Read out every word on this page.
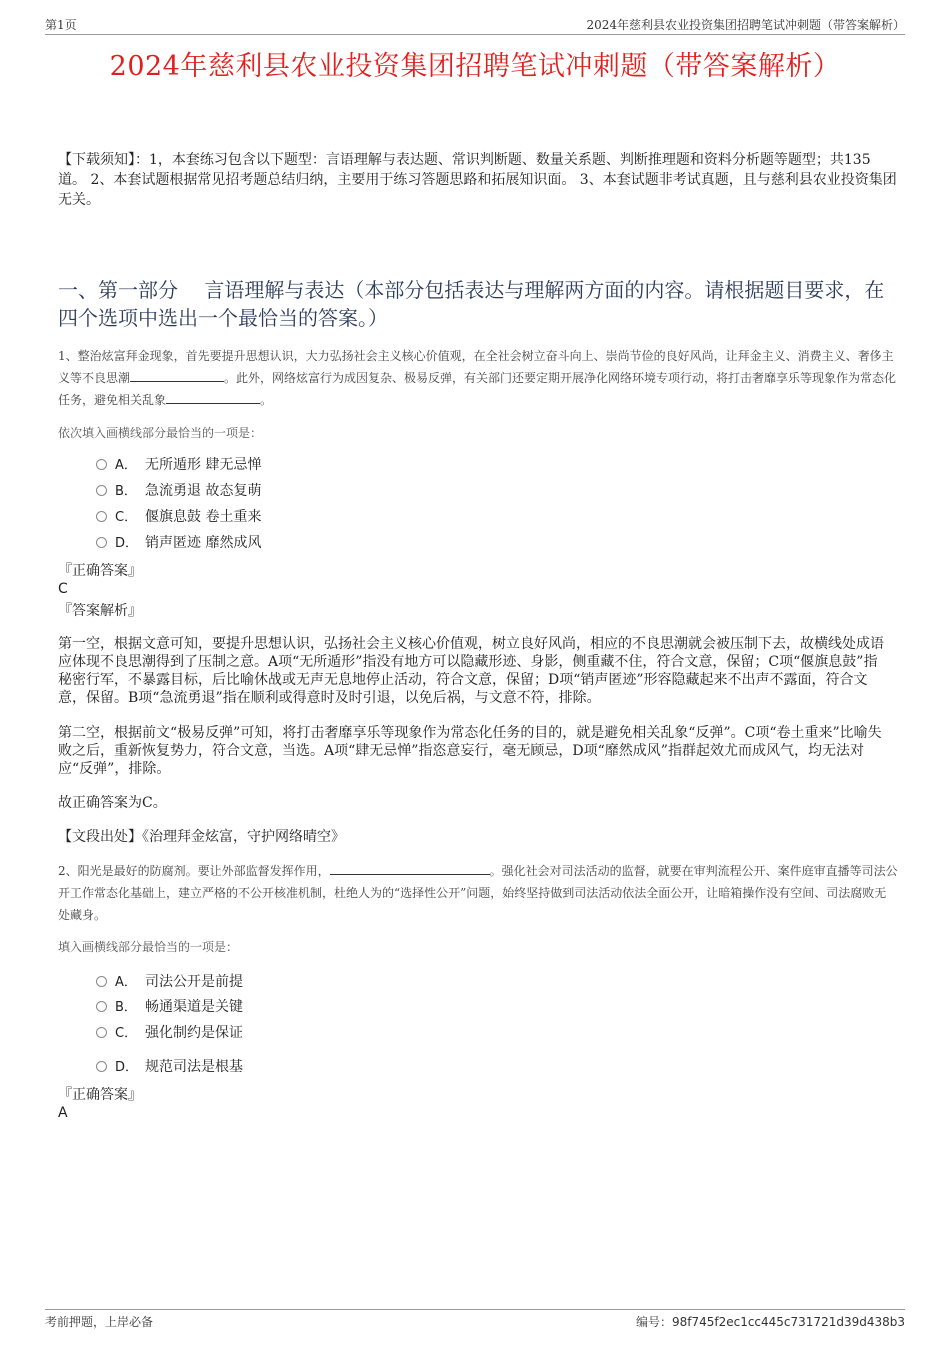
第1页	2024年慈利县农业投资集团招聘笔试冲刺题（带答案解析）
2024年慈利县农业投资集团招聘笔试冲刺题（带答案解析）
【下载须知】：1，本套练习包含以下题型：言语理解与表达题、常识判断题、数量关系题、判断推理题和资料分析题等题型；共135道。 2、本套试题根据常见招考题总结归纳，主要用于练习答题思路和拓展知识面。 3、本套试题非考试真题，且与慈利县农业投资集团无关。
一、第一部分　 言语理解与表达（本部分包括表达与理解两方面的内容。请根据题目要求，在四个选项中选出一个最恰当的答案。）
1、整治炫富拜金现象，首先要提升思想认识，大力弘扬社会主义核心价值观，在全社会树立奋斗向上、崇尚节俭的良好风尚，让拜金主义、消费主义、奢侈主义等不良思潮	。此外，网络炫富行为成因复杂、极易反弹，有关部门还要定期开展净化网络环境专项行动，将打击奢靡享乐等现象作为常态化任务，避免相关乱象	。
依次填入画横线部分最恰当的一项是：
A． 无所遁形 肆无忌惮
B． 急流勇退 故态复萌
C． 偃旗息鼓 卷土重来
D． 销声匿迹 靡然成风
『正确答案』
C
『答案解析』
第一空，根据文意可知，要提升思想认识，弘扬社会主义核心价值观，树立良好风尚，相应的不良思潮就会被压制下去，故横线处成语应体现不良思潮得到了压制之意。A项“无所遁形”指没有地方可以隐藏形迹、身影，侧重藏不住，符合文意，保留；C项“偃旗息鼓”指秘密行军，不暴露目标，后比喻休战或无声无息地停止活动，符合文意，保留；D项“销声匿迹”形容隐藏起来不出声不露面，符合文意，保留。B项“急流勇退”指在顺利或得意时及时引退，以免后祸，与文意不符，排除。
第二空，根据前文“极易反弹”可知，将打击奢靡享乐等现象作为常态化任务的目的，就是避免相关乱象“反弹”。C项“卷土重来”比喻失败之后，重新恢复势力，符合文意，当选。A项“肆无忌惮”指恣意妄行，毫无顾忌，D项“靡然成风”指群起效尤而成风气，均无法对应“反弹”，排除。
故正确答案为C。
【文段出处】《治理拜金炫富，守护网络晴空》
2、阳光是最好的防腐剂。要让外部监督发挥作用，	。强化社会对司法活动的监督，就要在审判流程公开、案件庭审直播等司法公开工作常态化基础上，建立严格的不公开核准机制，杜绝人为的“选择性公开”问题，始终坚持做到司法活动依法全面公开，让暗箱操作没有空间、司法腐败无处藏身。
填入画横线部分最恰当的一项是：
A． 司法公开是前提
B． 畅通渠道是关键
C． 强化制约是保证
D． 规范司法是根基
『正确答案』
A
考前押题，上岸必备	编号：98f745f2ec1cc445c731721d39d438b3
